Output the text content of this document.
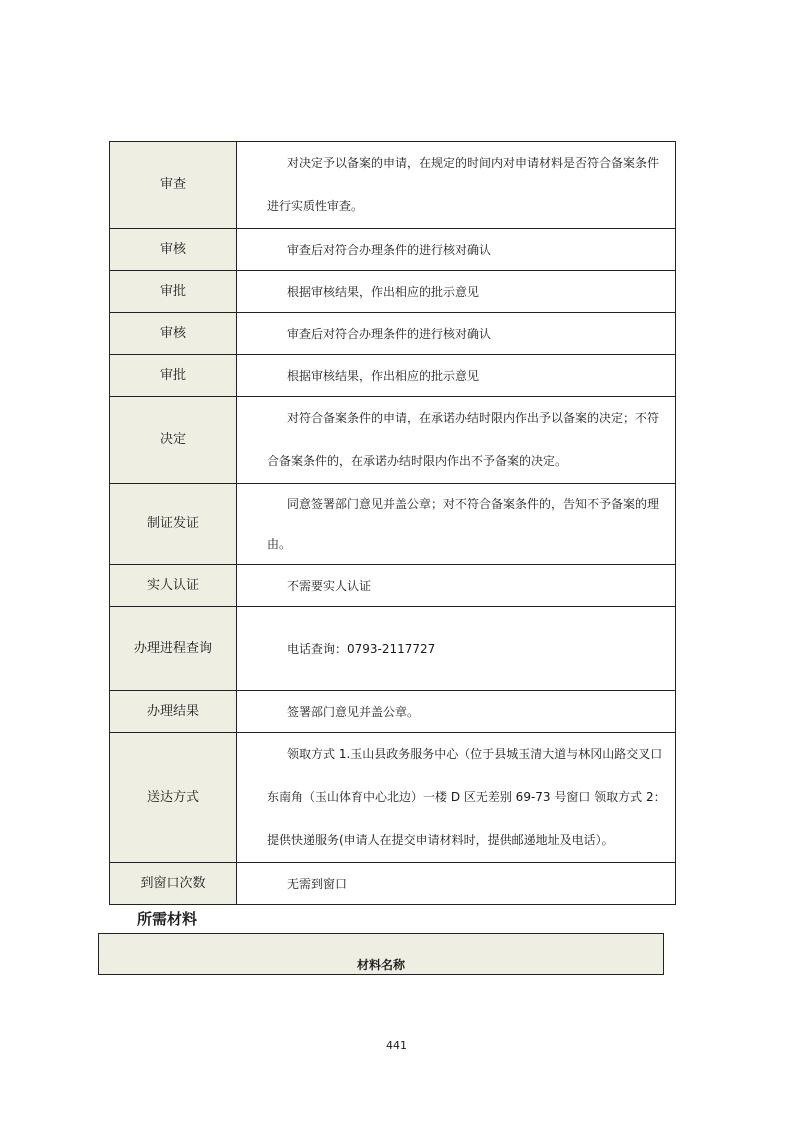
审查	对决定予以备案的申请，在规定的时间内对申请材料是否符合备案条件进行实质性审查。

审核	审查后对符合办理条件的进行核对确认

审批	根据审核结果，作出相应的批示意见

审核	审查后对符合办理条件的进行核对确认

审批	根据审核结果，作出相应的批示意见

决定	对符合备案条件的申请，在承诺办结时限内作出予以备案的决定；不符合备案条件的，在承诺办结时限内作出不予备案的决定。

制证发证	同意签署部门意见并盖公章；对不符合备案条件的，告知不予备案的理由。

实人认证	不需要实人认证

办理进程查询	电话查询：0793-2117727

办理结果	签署部门意见并盖公章。

送达方式	领取方式 1.玉山县政务服务中心（位于县城玉清大道与林冈山路交叉口东南角（玉山体育中心北边）一楼 D 区无差别 69-73 号窗口 领取方式 2：提供快递服务(申请人在提交申请材料时，提供邮递地址及电话）。

到窗口次数	无需到窗口
所需材料
材料名称
441
